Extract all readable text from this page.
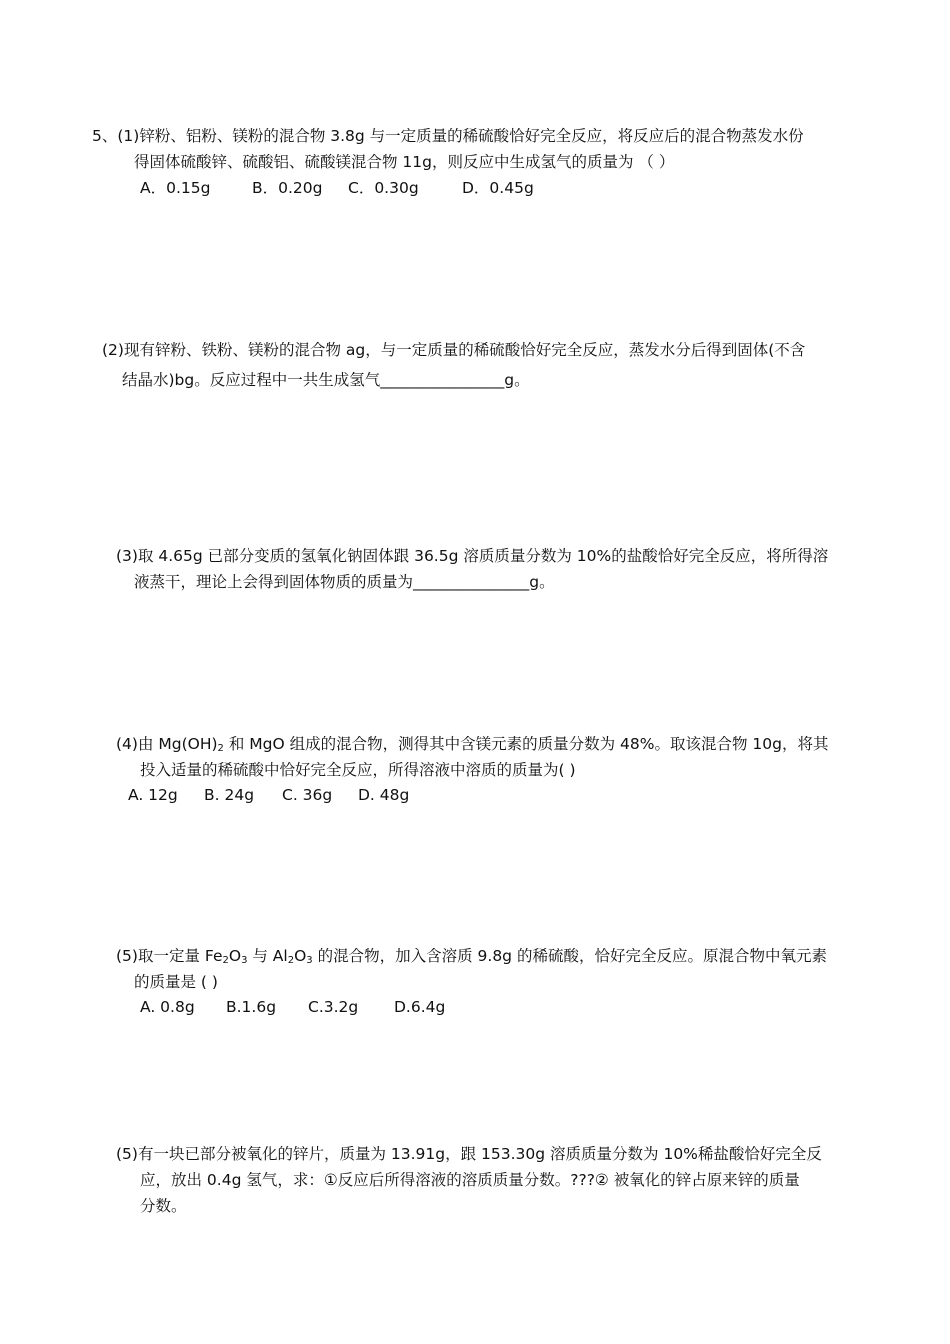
5、(1)锌粉、铝粉、镁粉的混合物 3.8g 与一定质量的稀硫酸恰好完全反应，将反应后的混合物蒸发水份
得固体硫酸锌、硫酸铝、硫酸镁混合物 11g，则反应中生成氢气的质量为 （ ）
A．0.15g	B．0.20g C．0.30g	D．0.45g
(2)现有锌粉、铁粉、镁粉的混合物 ag，与一定质量的稀硫酸恰好完全反应，蒸发水分后得到固体(不含
结晶水)bg。反应过程中一共生成氢气________________g。
(3)取 4.65g 已部分变质的氢氧化钠固体跟 36.5g 溶质质量分数为 10%的盐酸恰好完全反应，将所得溶
液蒸干，理论上会得到固体物质的质量为_______________g。
(4)由 $Mg(OH)_2$ 和 MgO 组成的混合物，测得其中含镁元素的质量分数为 48%。取该混合物 10g，将其
投入适量的稀硫酸中恰好完全反应，所得溶液中溶质的质量为( )
A. 12g B. 24g C. 36g D. 48g
(5)取一定量 $Fe_2O_3$ 与 $Al_2O_3$ 的混合物，加入含溶质 9.8g 的稀硫酸，恰好完全反应。原混合物中氧元素
的质量是 ( )
A. 0.8g B.1.6g C.3.2g D.6.4g
(5)有一块已部分被氧化的锌片，质量为 13.91g，跟 153.30g 溶质质量分数为 10%稀盐酸恰好完全反
应，放出 0.4g 氢气，求：①反应后所得溶液的溶质质量分数。???② 被氧化的锌占原来锌的质量
分数。
